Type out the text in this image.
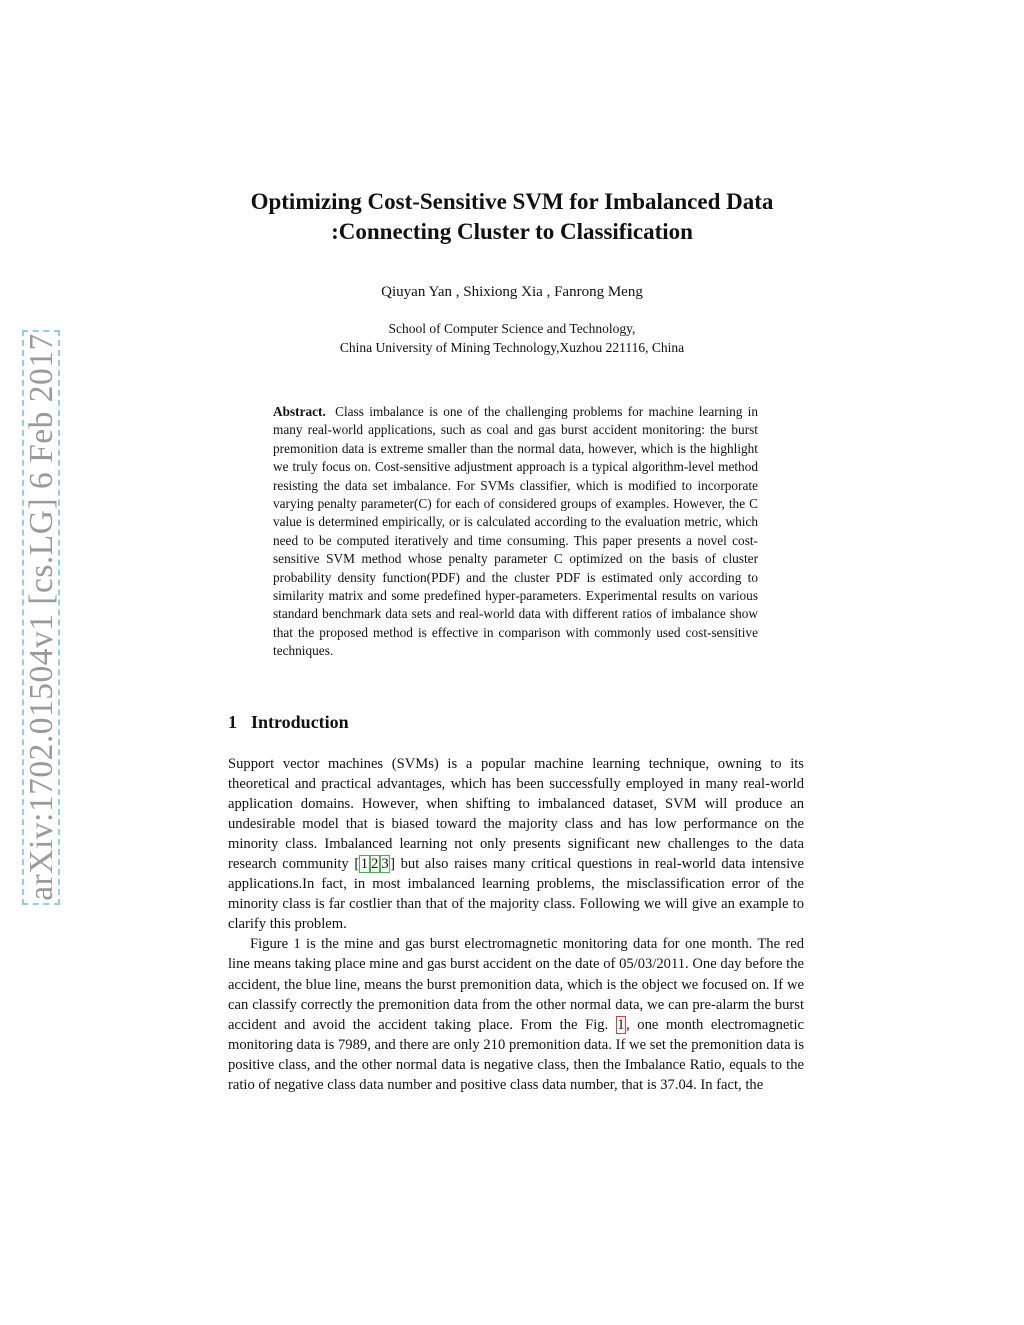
arXiv:1702.01504v1 [cs.LG] 6 Feb 2017
Optimizing Cost-Sensitive SVM for Imbalanced Data
:Connecting Cluster to Classification

Qiuyan Yan , Shixiong Xia , Fanrong Meng

School of Computer Science and Technology,
China University of Mining Technology,Xuzhou 221116, China

Abstract. Class imbalance is one of the challenging problems for machine learning in many real-world applications, such as coal and gas burst accident monitoring: the burst premonition data is extreme smaller than the normal data, however, which is the highlight we truly focus on. Cost-sensitive adjustment approach is a typical algorithm-level method resisting the data set imbalance. For SVMs classifier, which is modified to incorporate varying penalty parameter(C) for each of considered groups of examples. However, the C value is determined empirically, or is calculated according to the evaluation metric, which need to be computed iteratively and time consuming. This paper presents a novel cost-sensitive SVM method whose penalty parameter C optimized on the basis of cluster probability density function(PDF) and the cluster PDF is estimated only according to similarity matrix and some predefined hyper-parameters. Experimental results on various standard benchmark data sets and real-world data with different ratios of imbalance show that the proposed method is effective in comparison with commonly used cost-sensitive techniques.

1 Introduction

Support vector machines (SVMs) is a popular machine learning technique, owning to its theoretical and practical advantages, which has been successfully employed in many real-world application domains. However, when shifting to imbalanced dataset, SVM will produce an undesirable model that is biased toward the majority class and has low performance on the minority class. Imbalanced learning not only presents significant new challenges to the data research community [ 1 2 3 ] but also raises many critical questions in real-world data intensive applications.In fact, in most imbalanced learning problems, the misclassification error of the minority class is far costlier than that of the majority class. Following we will give an example to clarify this problem.

Figure 1 is the mine and gas burst electromagnetic monitoring data for one month. The red line means taking place mine and gas burst accident on the date of 05/03/2011. One day before the accident, the blue line, means the burst premonition data, which is the object we focused on. If we can classify correctly the premonition data from the other normal data, we can pre-alarm the burst accident and avoid the accident taking place. From the Fig. 1 , one month electromagnetic monitoring data is 7989, and there are only 210 premonition data. If we set the premonition data is positive class, and the other normal data is negative class, then the Imbalance Ratio, equals to the ratio of negative class data number and positive class data number, that is 37.04. In fact, the
